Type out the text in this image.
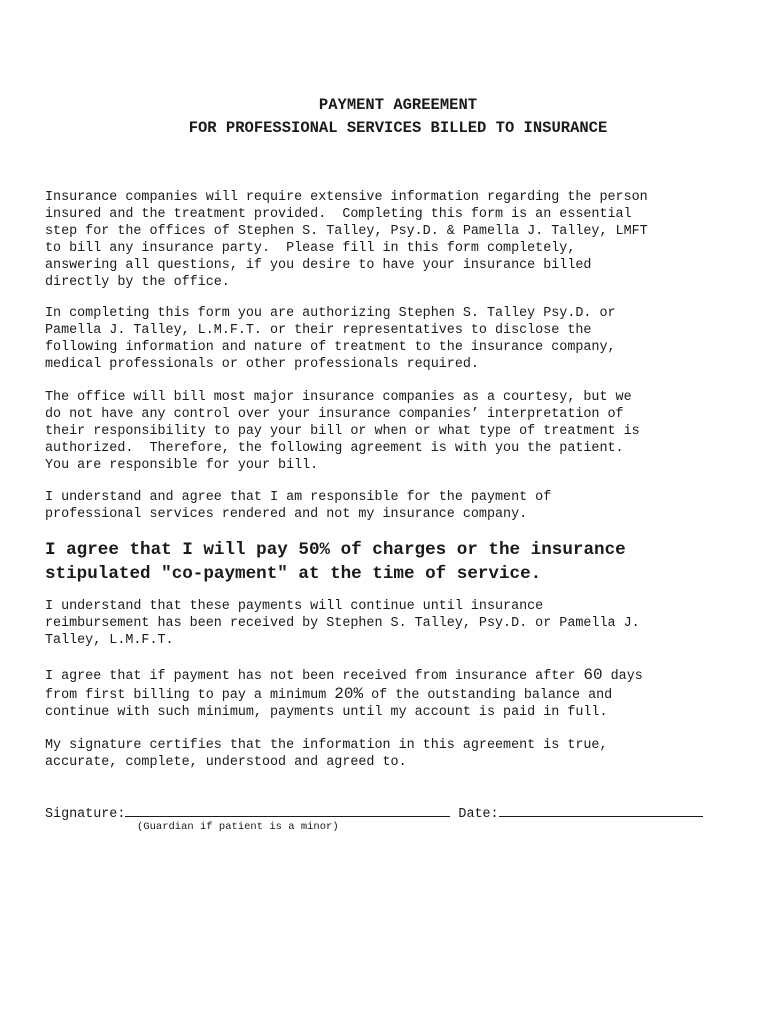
PAYMENT AGREEMENT
FOR PROFESSIONAL SERVICES BILLED TO INSURANCE

Insurance companies will require extensive information regarding the person
insured and the treatment provided.  Completing this form is an essential
step for the offices of Stephen S. Talley, Psy.D. & Pamella J. Talley, LMFT
to bill any insurance party.  Please fill in this form completely,
answering all questions, if you desire to have your insurance billed
directly by the office.

In completing this form you are authorizing Stephen S. Talley Psy.D. or
Pamella J. Talley, L.M.F.T. or their representatives to disclose the
following information and nature of treatment to the insurance company,
medical professionals or other professionals required.

The office will bill most major insurance companies as a courtesy, but we
do not have any control over your insurance companies’ interpretation of
their responsibility to pay your bill or when or what type of treatment is
authorized.  Therefore, the following agreement is with you the patient.
You are responsible for your bill.

I understand and agree that I am responsible for the payment of
professional services rendered and not my insurance company.

I agree that I will pay 50% of charges or the insurance
stipulated "co-payment" at the time of service.

I understand that these payments will continue until insurance
reimbursement has been received by Stephen S. Talley, Psy.D. or Pamella J.
Talley, L.M.F.T.

I agree that if payment has not been received from insurance after 60 days
from first billing to pay a minimum 20% of the outstanding balance and
continue with such minimum, payments until my account is paid in full.

My signature certifies that the information in this agreement is true,
accurate, complete, understood and agreed to.

Signature:	Date:
(Guardian if patient is a minor)
